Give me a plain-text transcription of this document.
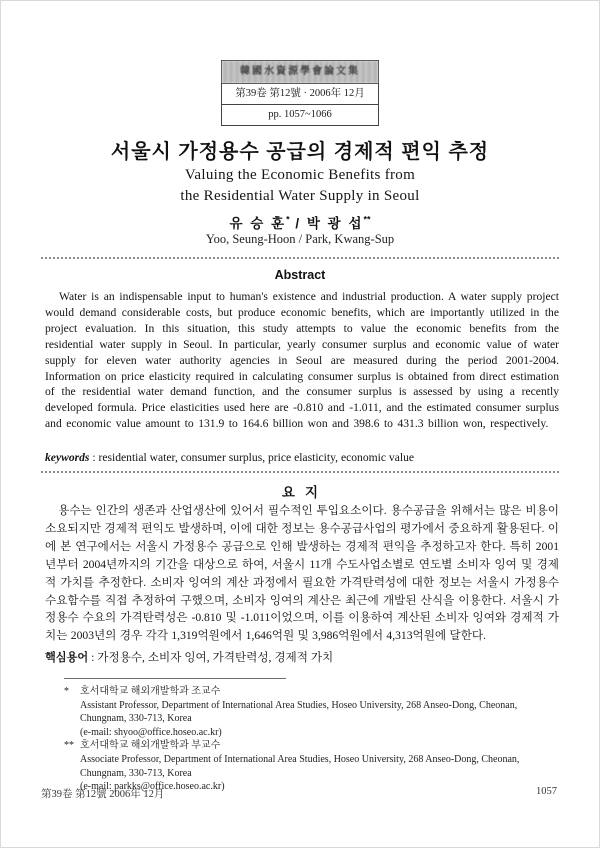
韓國水資源學會論文集
第39卷 第12號 · 2006年 12月
pp. 1057~1066
서울시 가정용수 공급의 경제적 편익 추정
Valuing the Economic Benefits from
the Residential Water Supply in Seoul
유 승 훈* / 박 광 섭**
Yoo, Seung-Hoon / Park, Kwang-Sup
Abstract
Water is an indispensable input to human's existence and industrial production. A water supply project would demand considerable costs, but produce economic benefits, which are importantly utilized in the project evaluation. In this situation, this study attempts to value the economic benefits from the residential water supply in Seoul. In particular, yearly consumer surplus and economic value of water supply for eleven water authority agencies in Seoul are measured during the period 2001-2004. Information on price elasticity required in calculating consumer surplus is obtained from direct estimation of the residential water demand function, and the consumer surplus is assessed by using a recently developed formula. Price elasticities used here are -0.810 and -1.011, and the estimated consumer surplus and economic value amount to 131.9 to 164.6 billion won and 398.6 to 431.3 billion won, respectively.
keywords : residential water, consumer surplus, price elasticity, economic value
요   지
용수는 인간의 생존과 산업생산에 있어서 필수적인 투입요소이다. 용수공급을 위해서는 많은 비용이 소요되지만 경제적 편익도 발생하며, 이에 대한 정보는 용수공급사업의 평가에서 중요하게 활용된다. 이에 본 연구에서는 서울시 가정용수 공급으로 인해 발생하는 경제적 편익을 추정하고자 한다. 특히 2001년부터 2004년까지의 기간을 대상으로 하여, 서울시 11개 수도사업소별로 연도별 소비자 잉여 및 경제적 가치를 추정한다. 소비자 잉여의 계산 과정에서 필요한 가격탄력성에 대한 정보는 서울시 가정용수 수요함수를 직접 추정하여 구했으며, 소비자 잉여의 계산은 최근에 개발된 산식을 이용한다. 서울시 가정용수 수요의 가격탄력성은 -0.810 및 -1.011이었으며, 이를 이용하여 계산된 소비자 잉여와 경제적 가치는 2003년의 경우 각각 1,319억원에서 1,646억원 및 3,986억원에서 4,313억원에 달한다.
핵심용어 : 가정용수, 소비자 잉여, 가격탄력성, 경제적 가치
*	호서대학교 해외개발학과 조교수
Assistant Professor, Department of International Area Studies, Hoseo University, 268 Anseo-Dong, Cheonan, Chungnam, 330-713, Korea
(e-mail: shyoo@office.hoseo.ac.kr)
** 호서대학교 해외개발학과 부교수
Associate Professor, Department of International Area Studies, Hoseo University, 268 Anseo-Dong, Cheonan, Chungnam, 330-713, Korea
(e-mail: parkks@office.hoseo.ac.kr)
第39卷 第12號 2006年 12月	1057
